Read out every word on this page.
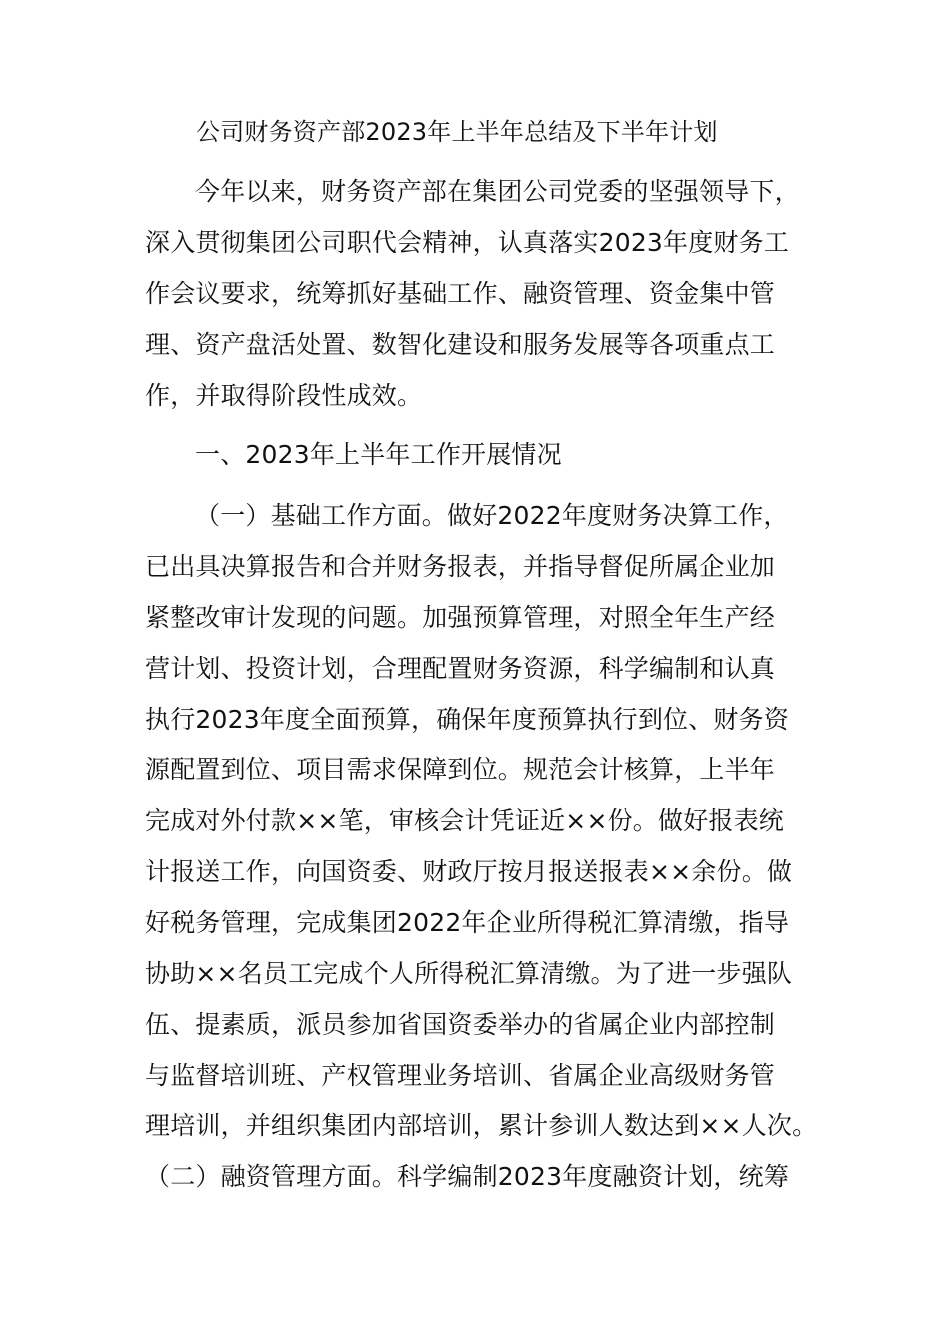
公司财务资产部2023年上半年总结及下半年计划
今年以来，财务资产部在集团公司党委的坚强领导下，
深入贯彻集团公司职代会精神，认真落实2023年度财务工
作会议要求，统筹抓好基础工作、融资管理、资金集中管
理、资产盘活处置、数智化建设和服务发展等各项重点工
作，并取得阶段性成效。
一、2023年上半年工作开展情况
（一）基础工作方面。做好2022年度财务决算工作，
已出具决算报告和合并财务报表，并指导督促所属企业加
紧整改审计发现的问题。加强预算管理，对照全年生产经
营计划、投资计划，合理配置财务资源，科学编制和认真
执行2023年度全面预算，确保年度预算执行到位、财务资
源配置到位、项目需求保障到位。规范会计核算，上半年
完成对外付款××笔，审核会计凭证近××份。做好报表统
计报送工作，向国资委、财政厅按月报送报表××余份。做
好税务管理，完成集团2022年企业所得税汇算清缴，指导
协助××名员工完成个人所得税汇算清缴。为了进一步强队
伍、提素质，派员参加省国资委举办的省属企业内部控制
与监督培训班、产权管理业务培训、省属企业高级财务管
理培训，并组织集团内部培训，累计参训人数达到××人次。
（二）融资管理方面。科学编制2023年度融资计划，统筹
